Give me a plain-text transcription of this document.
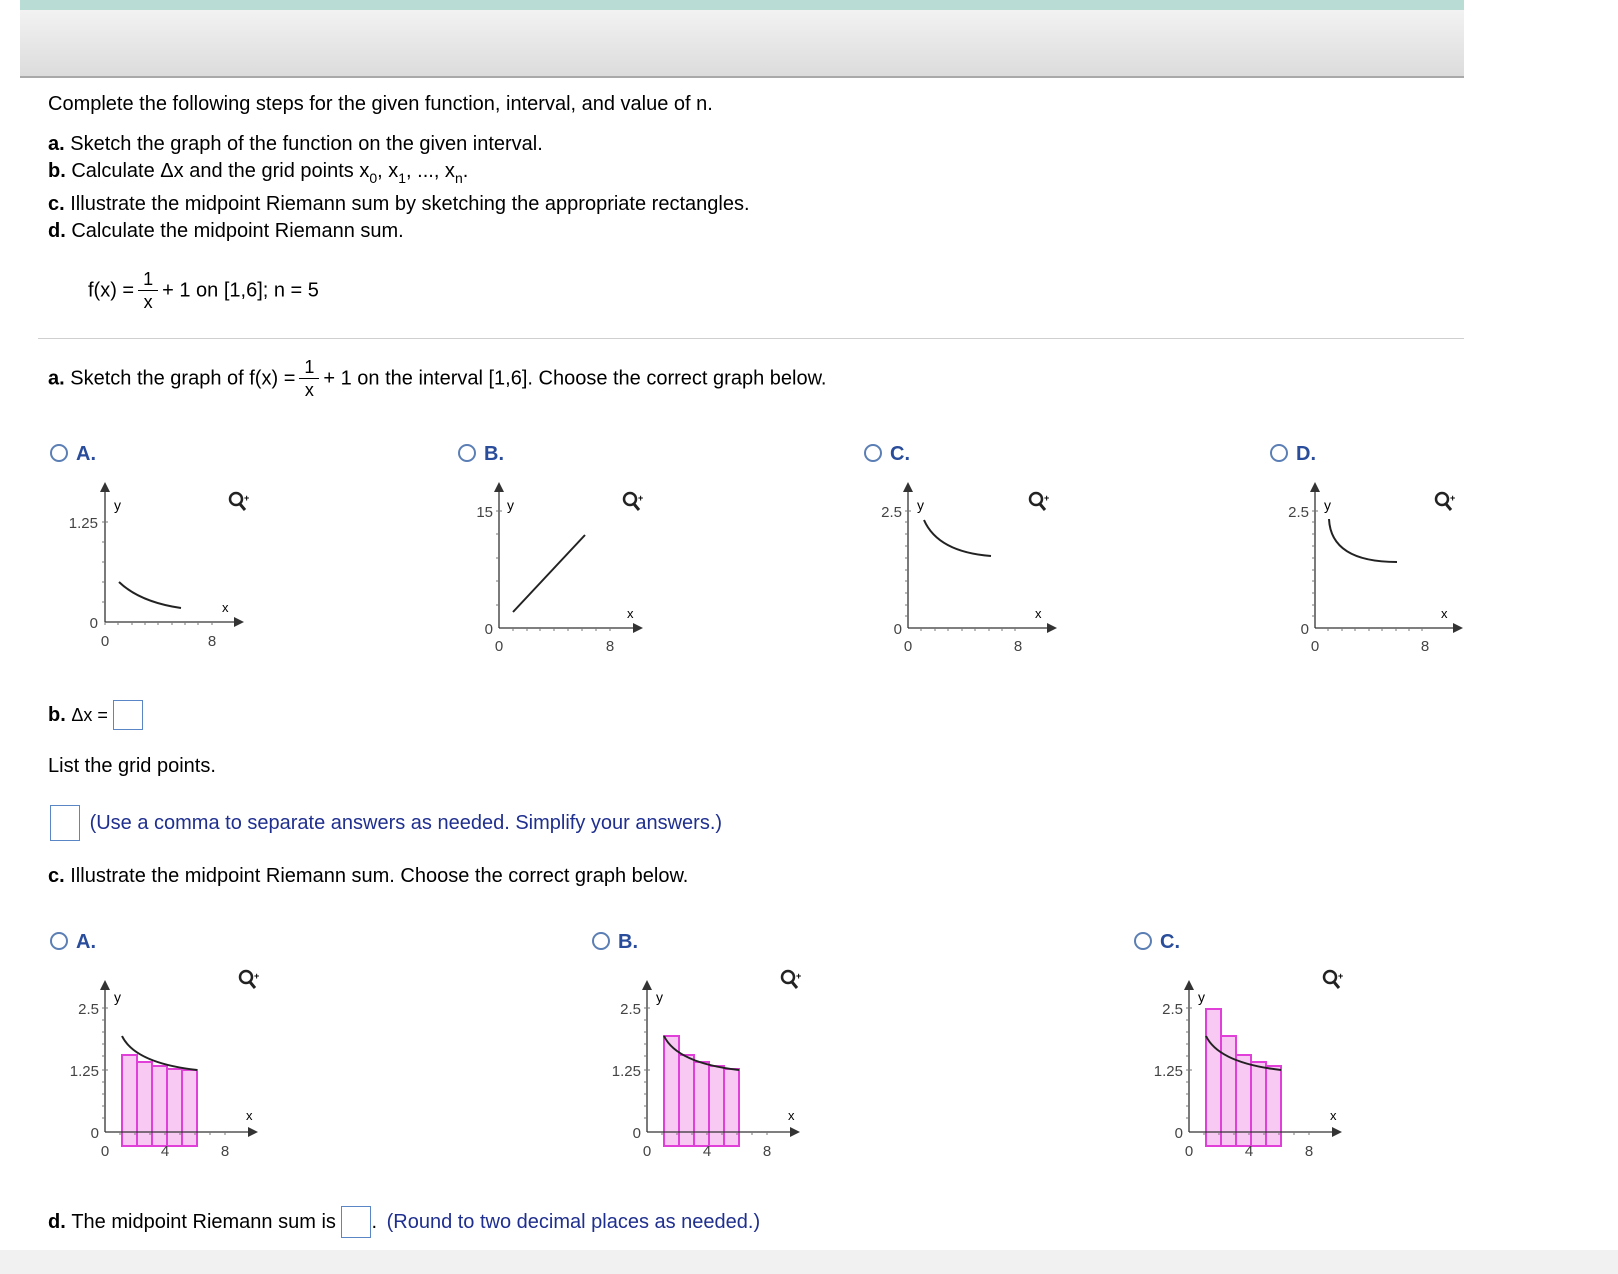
Complete the following steps for the given function, interval, and value of n.
a. Sketch the graph of the function on the given interval.
b. Calculate Δx and the grid points $x_0$, $x_1$, ..., $x_n$.
c. Illustrate the midpoint Riemann sum by sketching the appropriate rectangles.
d. Calculate the midpoint Riemann sum.
$f(x) = \frac{1}{x} + 1$ on [1,6]; n = 5
a. Sketch the graph of $f(x) = \frac{1}{x} + 1$ on the interval [1,6]. Choose the correct graph below.
A.	B.	C.	D.
y
x
1.25
0
0	8
+	y
x
15
0
0	8
+	y
x
2.5
0
0	8
+	y
x
2.5
0
0	8
+
b. Δx =
List the grid points.
(Use a comma to separate answers as needed. Simplify your answers.)
c. Illustrate the midpoint Riemann sum. Choose the correct graph below.
A.	B.	C.
y
x
2.5
1.25
0
0	4	8
+
y
x
2.5
1.25
0
0	4	8
+
y
x
2.5
1.25
0
0	4	8
+
d. The midpoint Riemann sum is . (Round to two decimal places as needed.)
